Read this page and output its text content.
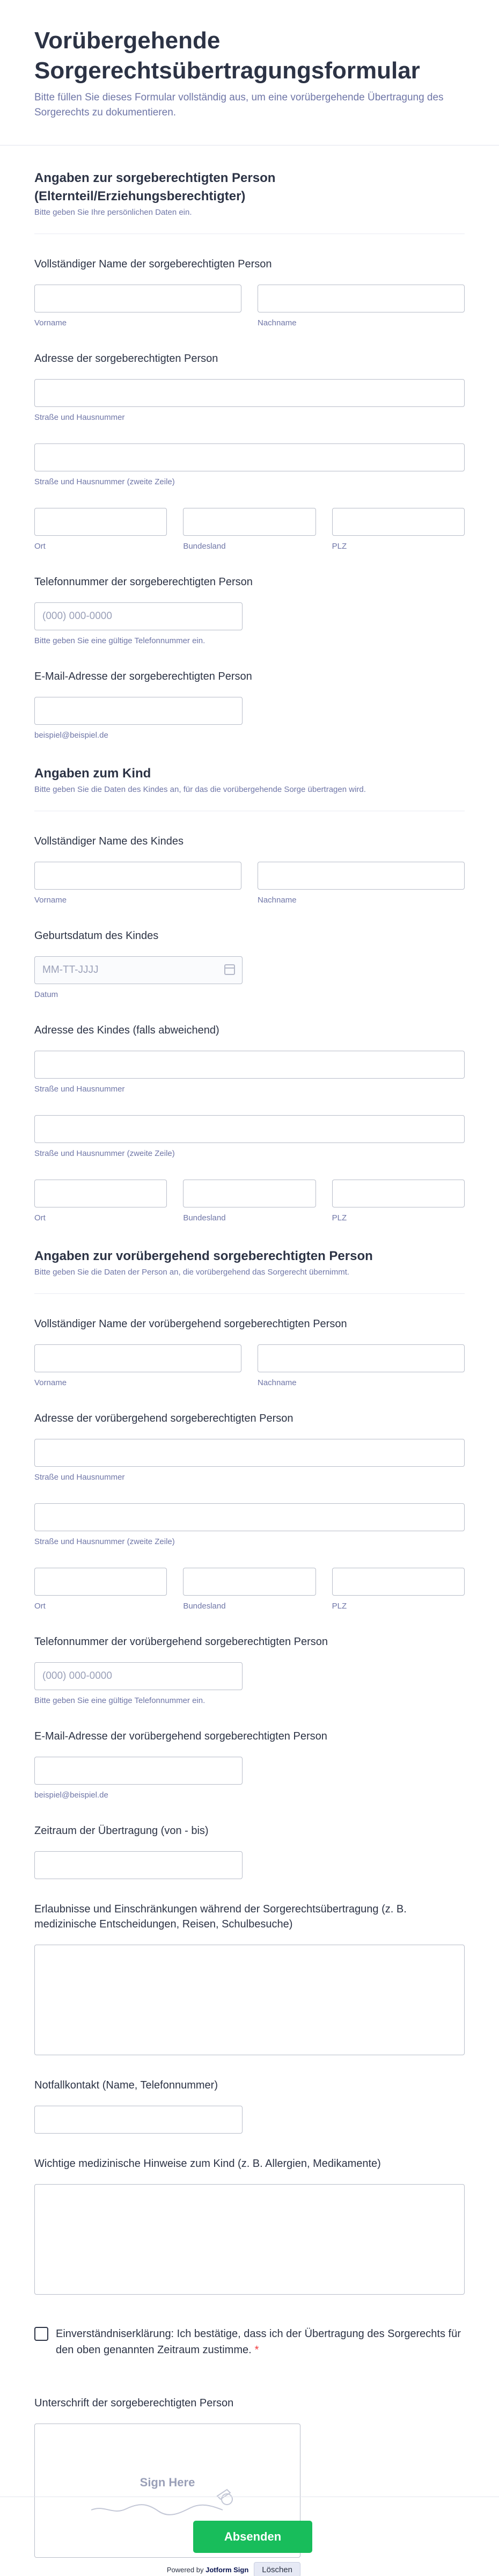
Vorübergehende Sorgerechtsübertragungsformular

Bitte füllen Sie dieses Formular vollständig aus, um eine vorübergehende Übertragung des Sorgerechts zu dokumentieren.

Angaben zur sorgeberechtigten Person (Elternteil/Erziehungsberechtigter)
Bitte geben Sie Ihre persönlichen Daten ein.
Vollständiger Name der sorgeberechtigten Person
Vorname	Nachname
Adresse der sorgeberechtigten Person
Straße und Hausnummer
Straße und Hausnummer (zweite Zeile)
Ort	Bundesland	PLZ
Telefonnummer der sorgeberechtigten Person
(000) 000-0000
Bitte geben Sie eine gültige Telefonnummer ein.
E-Mail-Adresse der sorgeberechtigten Person
beispiel@beispiel.de
Angaben zum Kind
Bitte geben Sie die Daten des Kindes an, für das die vorübergehende Sorge übertragen wird.
Vollständiger Name des Kindes
Vorname	Nachname
Geburtsdatum des Kindes
MM-TT-JJJJ
Datum
Adresse des Kindes (falls abweichend)
Straße und Hausnummer
Straße und Hausnummer (zweite Zeile)
Ort	Bundesland	PLZ
Angaben zur vorübergehend sorgeberechtigten Person
Bitte geben Sie die Daten der Person an, die vorübergehend das Sorgerecht übernimmt.
Vollständiger Name der vorübergehend sorgeberechtigten Person
Vorname	Nachname
Adresse der vorübergehend sorgeberechtigten Person
Straße und Hausnummer
Straße und Hausnummer (zweite Zeile)
Ort	Bundesland	PLZ
Telefonnummer der vorübergehend sorgeberechtigten Person
(000) 000-0000
Bitte geben Sie eine gültige Telefonnummer ein.
E-Mail-Adresse der vorübergehend sorgeberechtigten Person
beispiel@beispiel.de
Zeitraum der Übertragung (von - bis)
Erlaubnisse und Einschränkungen während der Sorgerechtsübertragung (z. B. medizinische Entscheidungen, Reisen, Schulbesuche)
Notfallkontakt (Name, Telefonnummer)
Wichtige medizinische Hinweise zum Kind (z. B. Allergien, Medikamente)
Einverständniserklärung: Ich bestätige, dass ich der Übertragung des Sorgerechts für den oben genannten Zeitraum zustimme. *
Unterschrift der sorgeberechtigten Person
Sign Here
Powered by Jotform Sign	Löschen
Absenden
